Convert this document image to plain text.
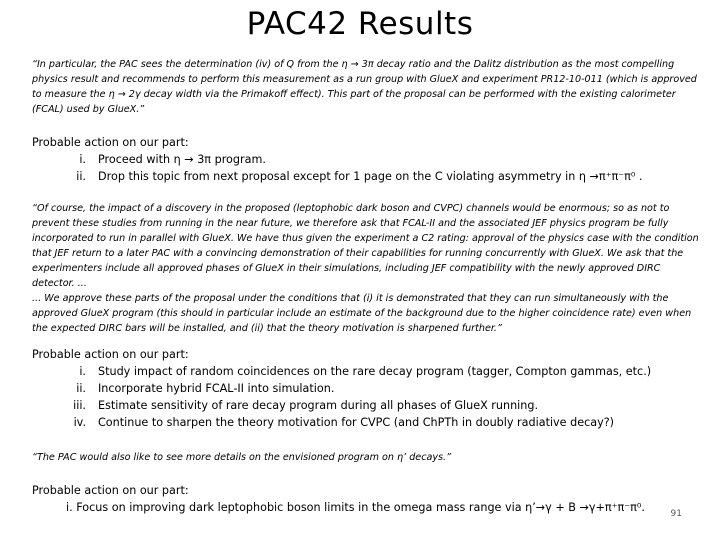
PAC42 Results

“In particular, the PAC sees the determination (iv) of Q from the η → 3π decay ratio and the Dalitz distribution as the most compelling physics result and recommends to perform this measurement as a run group with GlueX and experiment PR12-10-011 (which is approved to measure the η → 2γ decay width via the Primakoff effect). This part of the proposal can be performed with the existing calorimeter (FCAL) used by GlueX.”

Probable action on our part:
i.	Proceed with η → 3π program.
ii.	Drop this topic from next proposal except for 1 page on the C violating asymmetry in η →π⁺π⁻π⁰ .

“Of course, the impact of a discovery in the proposed (leptophobic dark boson and CVPC) channels would be enormous; so as not to prevent these studies from running in the near future, we therefore ask that FCAL-II and the associated JEF physics program be fully incorporated to run in parallel with GlueX. We have thus given the experiment a C2 rating: approval of the physics case with the condition that JEF return to a later PAC with a convincing demonstration of their capabilities for running concurrently with GlueX. We ask that the experimenters include all approved phases of GlueX in their simulations, including JEF compatibility with the newly approved DIRC detector. ...

... We approve these parts of the proposal under the conditions that (i) it is demonstrated that they can run simultaneously with the approved GlueX program (this should in particular include an estimate of the background due to the higher coincidence rate) even when the expected DIRC bars will be installed, and (ii) that the theory motivation is sharpened further.”

Probable action on our part:
i.	Study impact of random coincidences on the rare decay program (tagger, Compton gammas, etc.)
ii.	Incorporate hybrid FCAL-II into simulation.
iii.	Estimate sensitivity of rare decay program during all phases of GlueX running.
iv.	Continue to sharpen the theory motivation for CVPC (and ChPTh in doubly radiative decay?)

“The PAC would also like to see more details on the envisioned program on η’ decays.”

Probable action on our part:
i. Focus on improving dark leptophobic boson limits in the omega mass range via η’→γ + B →γ+π⁺π⁻π⁰.	91
